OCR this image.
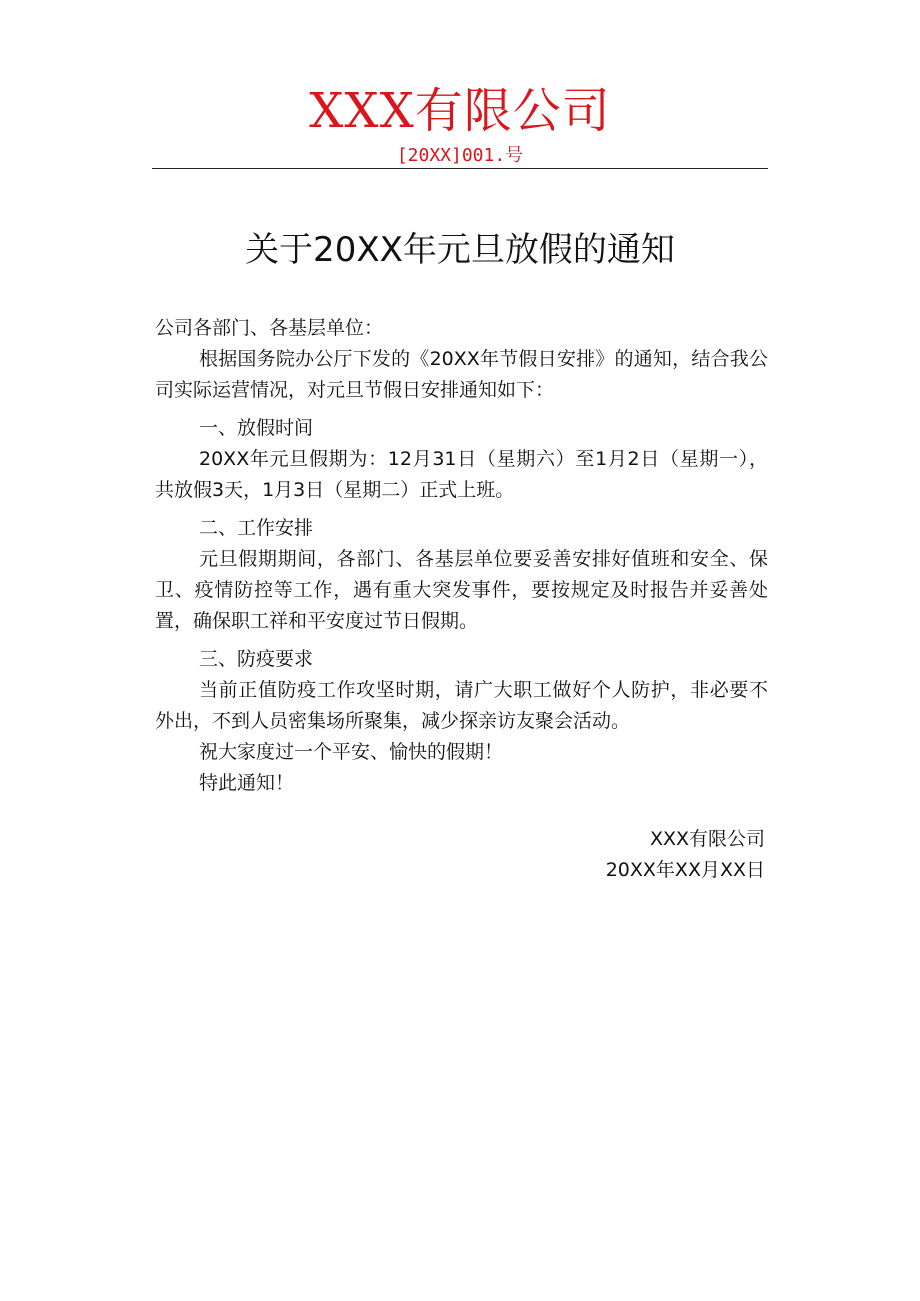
XXX有限公司
[20XX]001.号
关于20XX年元旦放假的通知

公司各部门、各基层单位：

根据国务院办公厅下发的《20XX年节假日安排》的通知，结合我公司实际运营情况，对元旦节假日安排通知如下：

一、放假时间

20XX年元旦假期为：12月31日（星期六）至1月2日（星期一），共放假3天，1月3日（星期二）正式上班。

二、工作安排

元旦假期期间，各部门、各基层单位要妥善安排好值班和安全、保卫、疫情防控等工作，遇有重大突发事件，要按规定及时报告并妥善处置，确保职工祥和平安度过节日假期。

三、防疫要求

当前正值防疫工作攻坚时期，请广大职工做好个人防护，非必要不外出，不到人员密集场所聚集，减少探亲访友聚会活动。

祝大家度过一个平安、愉快的假期！

特此通知！

XXX有限公司
20XX年XX月XX日
